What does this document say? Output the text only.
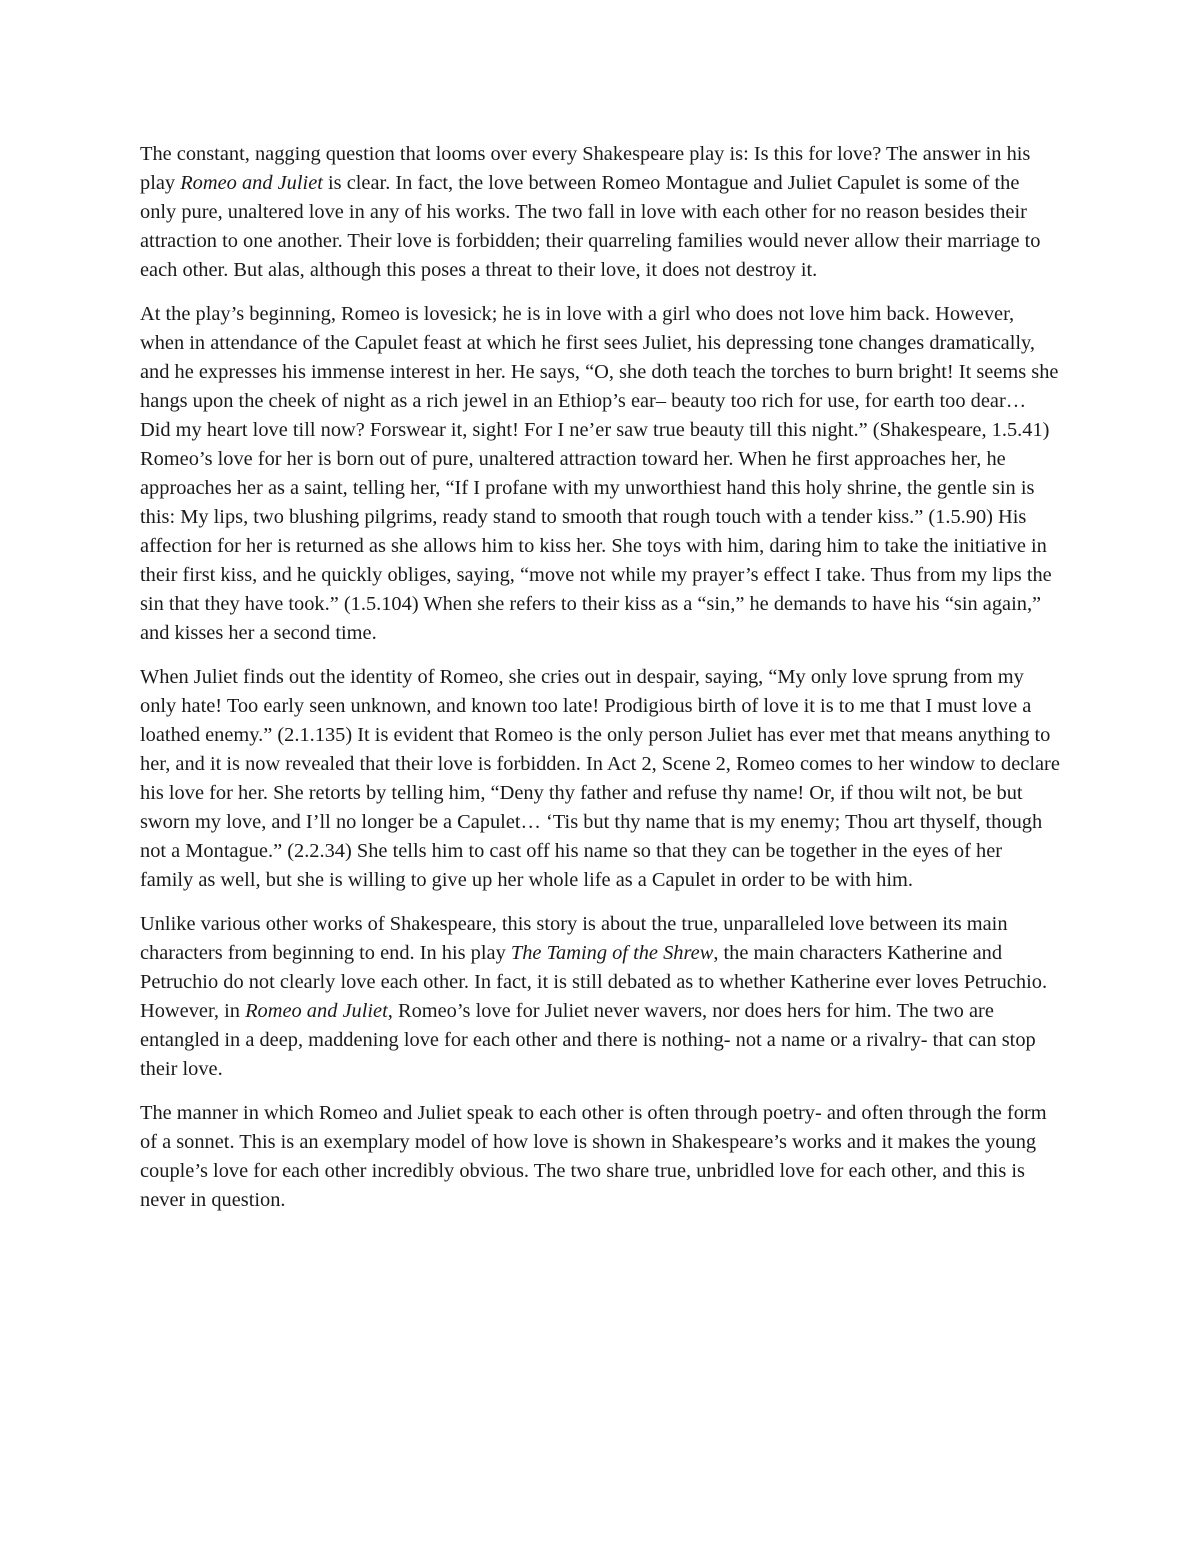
The constant, nagging question that looms over every Shakespeare play is: Is this for love? The answer in his play Romeo and Juliet is clear. In fact, the love between Romeo Montague and Juliet Capulet is some of the only pure, unaltered love in any of his works. The two fall in love with each other for no reason besides their attraction to one another. Their love is forbidden; their quarreling families would never allow their marriage to each other. But alas, although this poses a threat to their love, it does not destroy it.

At the play’s beginning, Romeo is lovesick; he is in love with a girl who does not love him back. However, when in attendance of the Capulet feast at which he first sees Juliet, his depressing tone changes dramatically, and he expresses his immense interest in her. He says, “O, she doth teach the torches to burn bright! It seems she hangs upon the cheek of night as a rich jewel in an Ethiop’s ear– beauty too rich for use, for earth too dear… Did my heart love till now? Forswear it, sight! For I ne’er saw true beauty till this night.” (Shakespeare, 1.5.41) Romeo’s love for her is born out of pure, unaltered attraction toward her. When he first approaches her, he approaches her as a saint, telling her, “If I profane with my unworthiest hand this holy shrine, the gentle sin is this: My lips, two blushing pilgrims, ready stand to smooth that rough touch with a tender kiss.” (1.5.90) His affection for her is returned as she allows him to kiss her. She toys with him, daring him to take the initiative in their first kiss, and he quickly obliges, saying, “move not while my prayer’s effect I take. Thus from my lips the sin that they have took.” (1.5.104) When she refers to their kiss as a “sin,” he demands to have his “sin again,” and kisses her a second time.

When Juliet finds out the identity of Romeo, she cries out in despair, saying, “My only love sprung from my only hate! Too early seen unknown, and known too late! Prodigious birth of love it is to me that I must love a loathed enemy.” (2.1.135) It is evident that Romeo is the only person Juliet has ever met that means anything to her, and it is now revealed that their love is forbidden. In Act 2, Scene 2, Romeo comes to her window to declare his love for her. She retorts by telling him, “Deny thy father and refuse thy name! Or, if thou wilt not, be but sworn my love, and I’ll no longer be a Capulet… ‘Tis but thy name that is my enemy; Thou art thyself, though not a Montague.” (2.2.34) She tells him to cast off his name so that they can be together in the eyes of her family as well, but she is willing to give up her whole life as a Capulet in order to be with him.

Unlike various other works of Shakespeare, this story is about the true, unparalleled love between its main characters from beginning to end. In his play The Taming of the Shrew, the main characters Katherine and Petruchio do not clearly love each other. In fact, it is still debated as to whether Katherine ever loves Petruchio. However, in Romeo and Juliet, Romeo’s love for Juliet never wavers, nor does hers for him. The two are entangled in a deep, maddening love for each other and there is nothing- not a name or a rivalry- that can stop their love.

The manner in which Romeo and Juliet speak to each other is often through poetry- and often through the form of a sonnet. This is an exemplary model of how love is shown in Shakespeare’s works and it makes the young couple’s love for each other incredibly obvious. The two share true, unbridled love for each other, and this is never in question.
